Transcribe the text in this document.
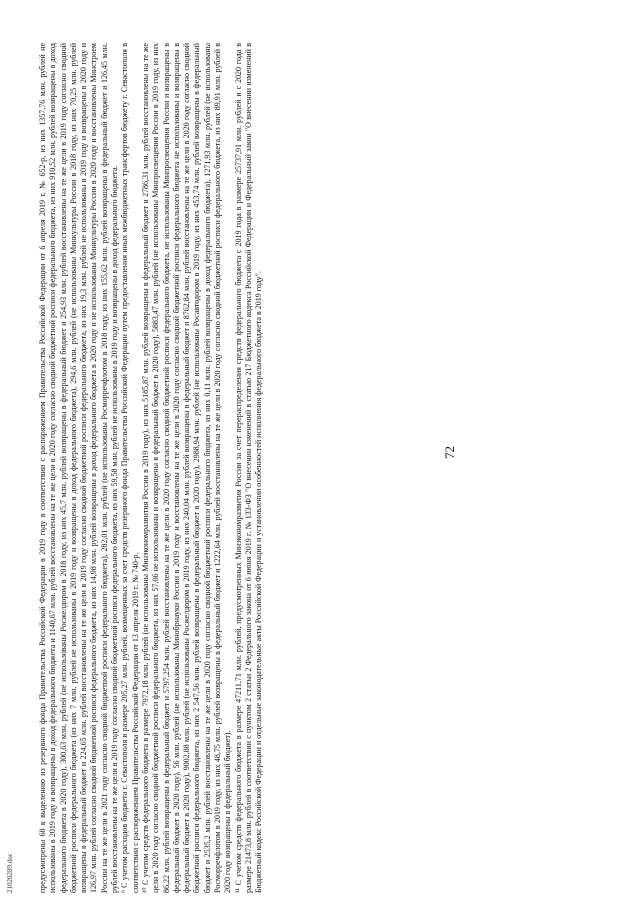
72

предусмотрены 68 к выделению из резервного фонда Правительства Российской Федерации в 2019 году в соответствии с распоряжением Правительства Российской Федерации от 6 апреля 2019 г. № 652-р, из них 1357,76 млн. рублей не использованы в 2019 году и возвращены в доход федерального бюджета и 1140,67 млн. рублей восстановлены на те же цели в 2020 году согласно сводной бюджетной росписи федерального бюджета, из них 910,52 млн. рублей возвращены в доход федерального бюджета в 2020 году), 300,63 млн. рублей (не использованы Росжелдором в 2018 году, из них 45,7 млн. рублей возвращены в федеральный бюджет и 254,93 млн. рублей восстановлены на те же цели в 2019 году согласно сводной бюджетной росписи федерального бюджета (из них 7 млн. рублей не использованы в 2019 году и возвращены в доход федерального бюджета), 294,6 млн. рублей (не использованы Минкультуры России в 2018 году, из них 70,25 млн. рублей возвращены в федеральный бюджет и 224,65 млн. рублей восстановлены на те же цели в 2019 году согласно сводной бюджетной росписи федерального бюджета, из них 19,3 млн. рублей не использованы в 2019 году и возвращены в 2020 году и 126,97 млн. рублей согласно сводной бюджетной росписи федерального бюджета, из них 14,98 млн. рублей возвращены в доход федерального бюджета в 2020 году и не использованы Минкультуры России в 2020 году и восстановлены Минстроем России на те же цели в 2021 году согласно сводной бюджетной росписи федерального бюджета), 282,01 млн. рублей (не использованы Росморречфлотом в 2018 году, из них 155,62 млн. рублей возвращены в федеральный бюджет и 126,45 млн. рублей восстановлены на те же цели в 2019 году согласно сводной бюджетной росписи федерального бюджета, из них 59,58 млн. рублей не использованы в 2019 году и возвращены в доход федерального бюджета. ⁹ С учетом расходов бюджета г. Севастополя в размере 205,27 млн. рублей, возмещенных за счет средств резервного фонда Правительства Российской Федерации путем предоставления иных межбюджетных трансфертов бюджету г. Севастополя в соответствии с распоряжением Правительства Российской Федерации от 13 апреля 2019 г. № 740-р. ¹⁰ С учетом средств федерального бюджета в размере 7972,18 млн. рублей (не использованы Минэкономразвития России в 2019 году), из них 5185,87 млн. рублей возвращены в федеральный бюджет и 2786,31 млн. рублей восстановлены на те же цели в 2020 году согласно сводной бюджетной росписи федерального бюджета, из них 57,06 не использованы и возвращены в федеральный бюджет в 2020 году), 5883,47 млн. рублей (не использованы Минпросвещения России в 2019 году, из них 86,22 млн. рублей возвращены в федеральный бюджет и 5797,254 млн. рублей восстановлены на те же цели в 2020 году согласно сводной бюджетной росписи федерального бюджета, не использованы Минпросвещения России и возвращены в федеральный бюджет в 2020 году), 56 млн. рублей (не использованы Минобрнауки России в 2019 году и восстановлены на те же цели в 2020 году согласно сводной бюджетной росписи федерального бюджета не использованы и возвращены в федеральный бюджет в 2020 году), 9002,88 млн. рублей (не использованы Росжелдором в 2019 году, из них 240,04 млн. рублей возвращены в федеральный бюджет и 8762,84 млн. рублей восстановлены на те же цели в 2020 году согласно сводной бюджетной росписи федерального бюджета, из них 2 547,56 млн. рублей возвращены в федеральный бюджет в 2020 году), 2988,94 млн. рублей (не использованы Росавтодором в 2019 году, из них 453,74 млн. рублей возвращены в федеральный бюджет и 2535,2 млн. рублей восстановлены на те же цели в 2020 году согласно сводной бюджетной росписи федерального бюджета, из них 0,11 млн. рублей возвращены в доход федерального бюджета), 1271,93 млн. рублей (не использованы Росморречфлотом в 2019 году, из них 48,75 млн. рублей возвращены в федеральный бюджет и 1222,64 млн. рублей восстановлены на те же цели в 2020 году согласно сводной бюджетной росписи федерального бюджета, из них 89,91 млн. рублей в 2020 году возвращены в федеральный бюджет). ¹¹ С учетом средств федерального бюджета в размере 47211,71 млн. рублей, предусмотренных Минэкономразвития России за счет перераспределения средств федерального бюджета с 2019 года в размере 25737,91 млн. рублей и с 2020 года в размере 21473,8 млн. рублей в соответствии с пунктом 2 статьи 2 Федерального закона от 6 июня 2019 г. № 133-ФЗ "О внесении изменений в статью 217 Бюджетного кодекса Российской Федерации и Федеральный закон "О внесении изменений в Бюджетный кодекс Российской Федерации и отдельные законодательные акты Российской Федерации и установлении особенностей исполнения федерального бюджета в 2019 году".

21020289.doc
